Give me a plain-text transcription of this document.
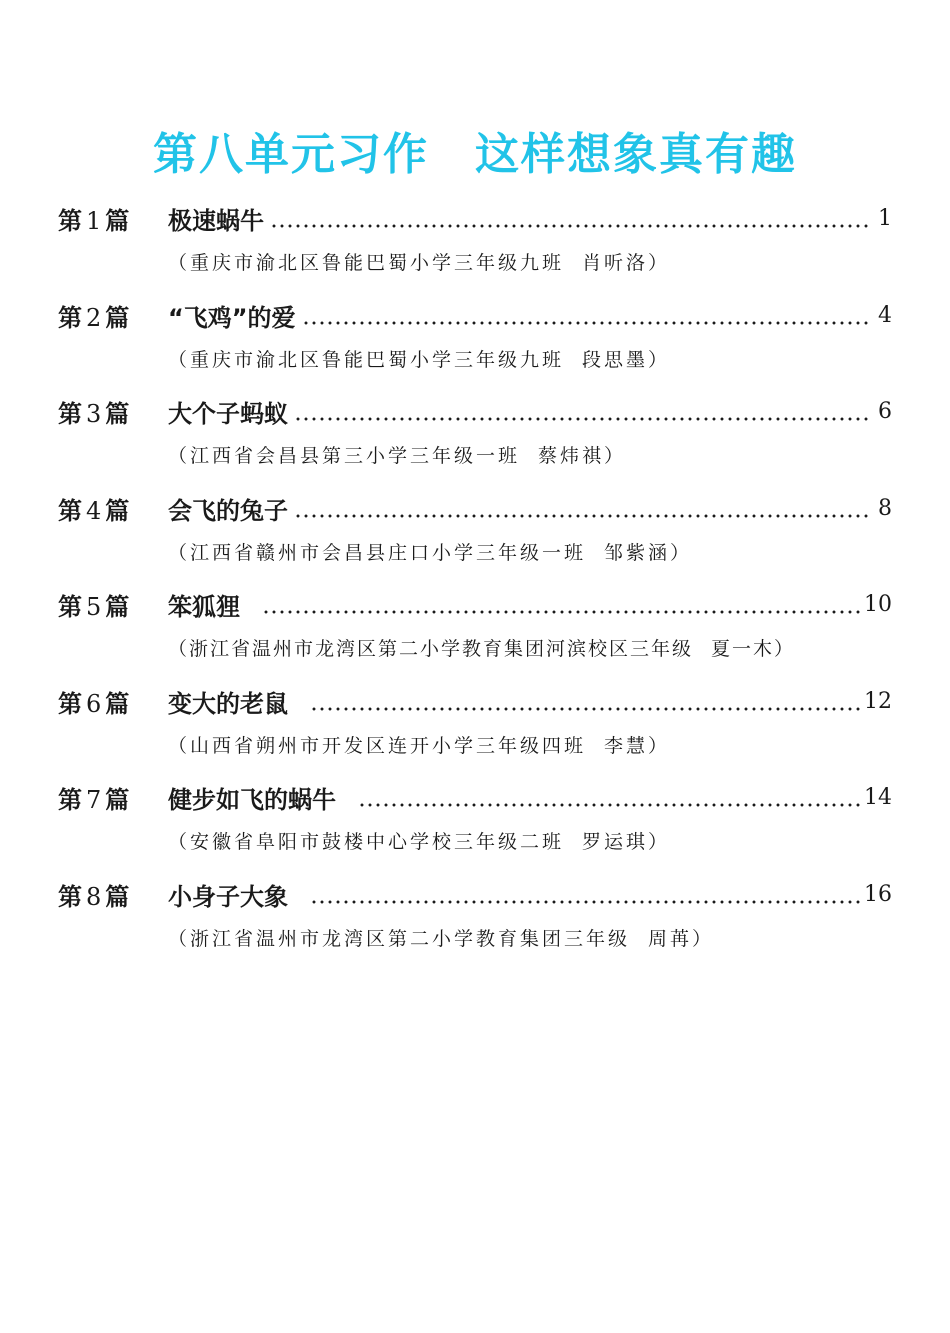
第八单元习作 这样想象真有趣
第 1 篇	极速蜗牛	1
（重庆市渝北区鲁能巴蜀小学三年级九班 肖听洛）
第 2 篇	“飞鸡”的爱	4
（重庆市渝北区鲁能巴蜀小学三年级九班 段思墨）
第 3 篇	大个子蚂蚁	6
（江西省会昌县第三小学三年级一班 蔡炜祺）
第 4 篇	会飞的兔子	8
（江西省赣州市会昌县庄口小学三年级一班 邹紫涵）
第 5 篇	笨狐狸	10
（浙江省温州市龙湾区第二小学教育集团河滨校区三年级 夏一木）
第 6 篇	变大的老鼠	12
（山西省朔州市开发区连开小学三年级四班 李慧）
第 7 篇	健步如飞的蜗牛	14
（安徽省阜阳市鼓楼中心学校三年级二班 罗运琪）
第 8 篇	小身子大象	16
（浙江省温州市龙湾区第二小学教育集团三年级 周苒）
